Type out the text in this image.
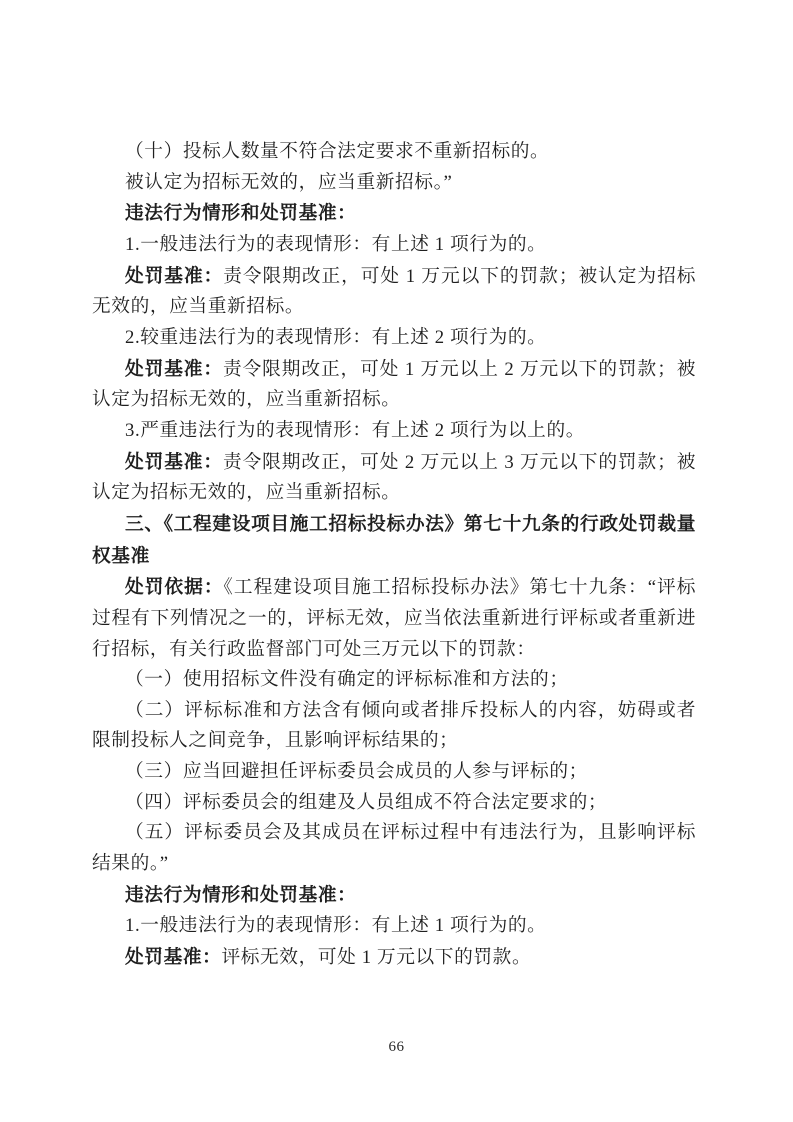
（十）投标人数量不符合法定要求不重新招标的。

被认定为招标无效的，应当重新招标。”

违法行为情形和处罚基准：

1.一般违法行为的表现情形：有上述 1 项行为的。

处罚基准：责令限期改正，可处 1 万元以下的罚款；被认定为招标无效的，应当重新招标。

2.较重违法行为的表现情形：有上述 2 项行为的。

处罚基准：责令限期改正，可处 1 万元以上 2 万元以下的罚款；被认定为招标无效的，应当重新招标。

3.严重违法行为的表现情形：有上述 2 项行为以上的。

处罚基准：责令限期改正，可处 2 万元以上 3 万元以下的罚款；被认定为招标无效的，应当重新招标。

三、《工程建设项目施工招标投标办法》第七十九条的行政处罚裁量权基准

处罚依据：《工程建设项目施工招标投标办法》第七十九条：“评标过程有下列情况之一的，评标无效，应当依法重新进行评标或者重新进行招标，有关行政监督部门可处三万元以下的罚款：

（一）使用招标文件没有确定的评标标准和方法的；

（二）评标标准和方法含有倾向或者排斥投标人的内容，妨碍或者限制投标人之间竞争，且影响评标结果的；

（三）应当回避担任评标委员会成员的人参与评标的；

（四）评标委员会的组建及人员组成不符合法定要求的；

（五）评标委员会及其成员在评标过程中有违法行为，且影响评标结果的。”

违法行为情形和处罚基准：

1.一般违法行为的表现情形：有上述 1 项行为的。

处罚基准：评标无效，可处 1 万元以下的罚款。

66
